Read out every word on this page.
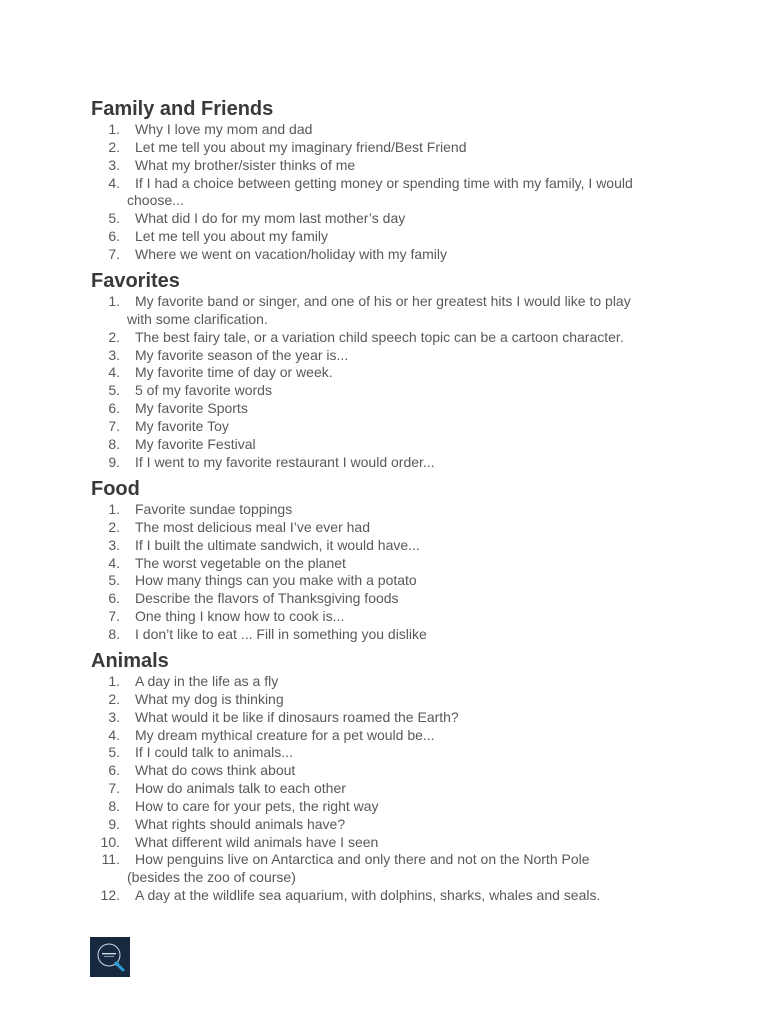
Family and Friends
1. Why I love my mom and dad
2. Let me tell you about my imaginary friend/Best Friend
3. What my brother/sister thinks of me
4. If I had a choice between getting money or spending time with my family, I would
choose...
5. What did I do for my mom last mother’s day
6. Let me tell you about my family
7. Where we went on vacation/holiday with my family
Favorites
1. My favorite band or singer, and one of his or her greatest hits I would like to play
with some clarification.
2. The best fairy tale, or a variation child speech topic can be a cartoon character.
3. My favorite season of the year is...
4. My favorite time of day or week.
5. 5 of my favorite words
6. My favorite Sports
7. My favorite Toy
8. My favorite Festival
9. If I went to my favorite restaurant I would order...
Food
1. Favorite sundae toppings
2. The most delicious meal I’ve ever had
3. If I built the ultimate sandwich, it would have...
4. The worst vegetable on the planet
5. How many things can you make with a potato
6. Describe the flavors of Thanksgiving foods
7. One thing I know how to cook is...
8. I don’t like to eat ... Fill in something you dislike
Animals
1. A day in the life as a fly
2. What my dog is thinking
3. What would it be like if dinosaurs roamed the Earth?
4. My dream mythical creature for a pet would be...
5. If I could talk to animals...
6. What do cows think about
7. How do animals talk to each other
8. How to care for your pets, the right way
9. What rights should animals have?
10. What different wild animals have I seen
11. How penguins live on Antarctica and only there and not on the North Pole
(besides the zoo of course)
12. A day at the wildlife sea aquarium, with dolphins, sharks, whales and seals.
